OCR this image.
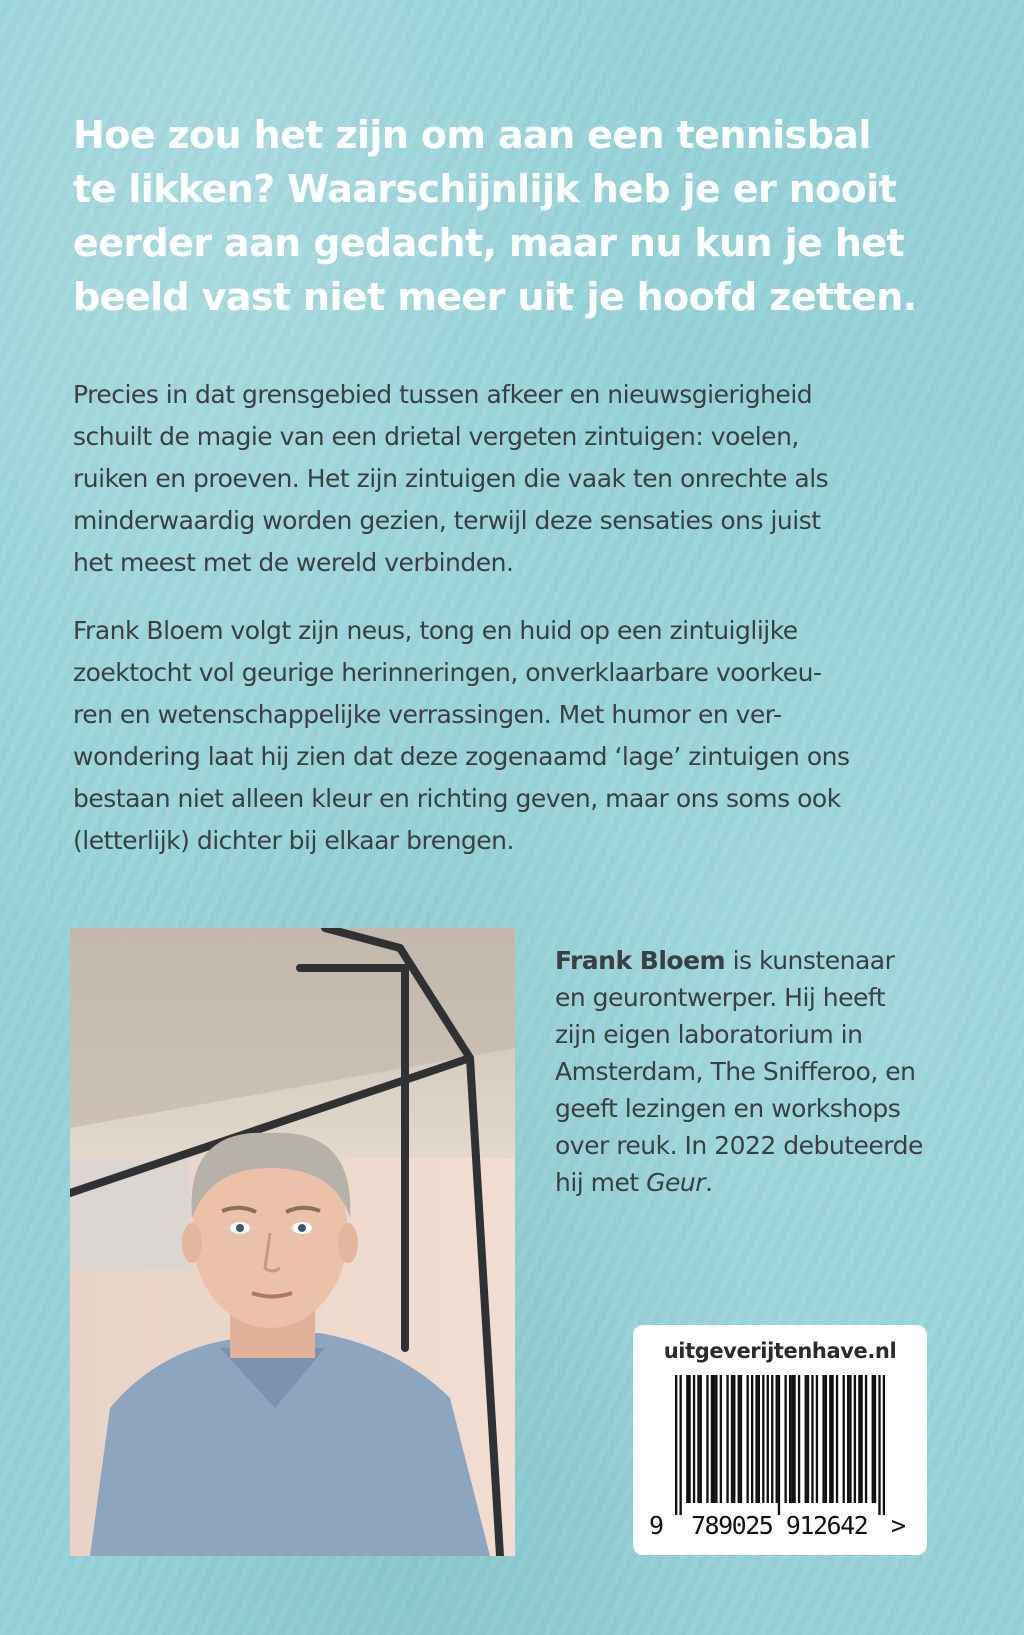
Hoe zou het zijn om aan een tennisbal
te likken? Waarschijnlijk heb je er nooit
eerder aan gedacht, maar nu kun je het
beeld vast niet meer uit je hoofd zetten.

Precies in dat grensgebied tussen afkeer en nieuwsgierigheid
schuilt de magie van een drietal vergeten zintuigen: voelen,
ruiken en proeven. Het zijn zintuigen die vaak ten onrechte als
minderwaardig worden gezien, terwijl deze sensaties ons juist
het meest met de wereld verbinden.

Frank Bloem volgt zijn neus, tong en huid op een zintuiglijke
zoektocht vol geurige herinneringen, onverklaarbare voorkeu-
ren en wetenschappelijke verrassingen. Met humor en ver-
wondering laat hij zien dat deze zogenaamd ‘lage’ zintuigen ons
bestaan niet alleen kleur en richting geven, maar ons soms ook
(letterlijk) dichter bij elkaar brengen.

Frank Bloem is kunstenaar
en geurontwerper. Hij heeft
zijn eigen laboratorium in
Amsterdam, The Snifferoo, en
geeft lezingen en workshops
over reuk. In 2022 debuteerde
hij met Geur.

uitgeverijtenhave.nl
9 789025 912642 >
